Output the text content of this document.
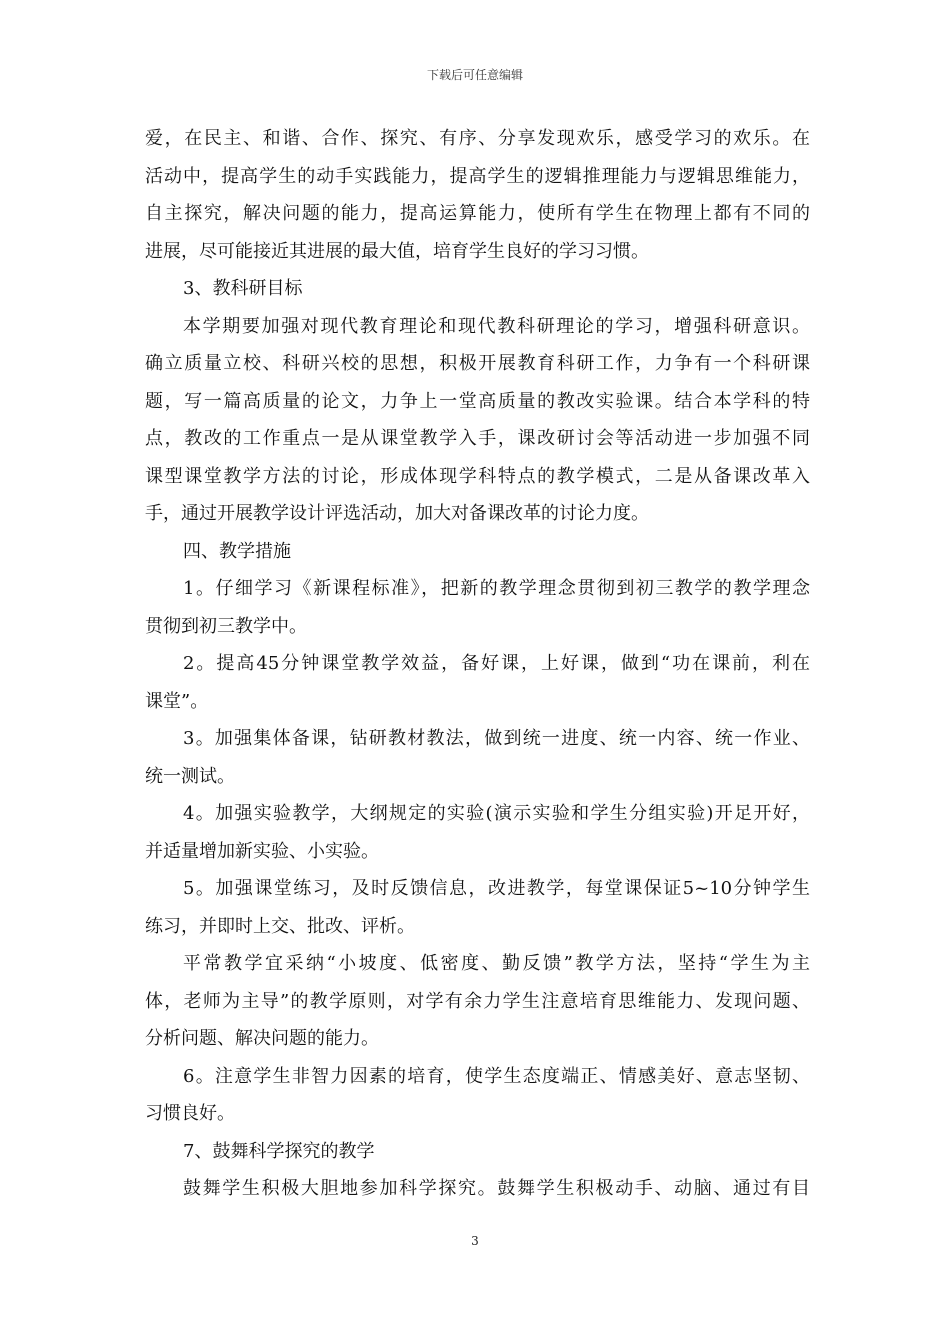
下载后可任意编辑
爱，在民主、和谐、合作、探究、有序、分享发现欢乐，感受学习的欢乐。在
活动中，提高学生的动手实践能力，提高学生的逻辑推理能力与逻辑思维能力，
自主探究，解决问题的能力，提高运算能力，使所有学生在物理上都有不同的
进展，尽可能接近其进展的最大值，培育学生良好的学习习惯。
3、教科研目标
本学期要加强对现代教育理论和现代教科研理论的学习，增强科研意识。
确立质量立校、科研兴校的思想，积极开展教育科研工作，力争有一个科研课
题，写一篇高质量的论文，力争上一堂高质量的教改实验课。结合本学科的特
点，教改的工作重点一是从课堂教学入手，课改研讨会等活动进一步加强不同
课型课堂教学方法的讨论，形成体现学科特点的教学模式，二是从备课改革入
手，通过开展教学设计评选活动，加大对备课改革的讨论力度。
四、教学措施
1。仔细学习《新课程标准》，把新的教学理念贯彻到初三教学的教学理念
贯彻到初三教学中。
2。提高45分钟课堂教学效益，备好课，上好课，做到“功在课前，利在
课堂”。
3。加强集体备课，钻研教材教法，做到统一进度、统一内容、统一作业、
统一测试。
4。加强实验教学，大纲规定的实验(演示实验和学生分组实验)开足开好，
并适量增加新实验、小实验。
5。加强课堂练习，及时反馈信息，改进教学，每堂课保证5~10分钟学生
练习，并即时上交、批改、评析。
平常教学宜采纳“小坡度、低密度、勤反馈”教学方法，坚持“学生为主
体，老师为主导”的教学原则，对学有余力学生注意培育思维能力、发现问题、
分析问题、解决问题的能力。
6。注意学生非智力因素的培育，使学生态度端正、情感美好、意志坚韧、
习惯良好。
7、鼓舞科学探究的教学
鼓舞学生积极大胆地参加科学探究。鼓舞学生积极动手、动脑、通过有目
3
